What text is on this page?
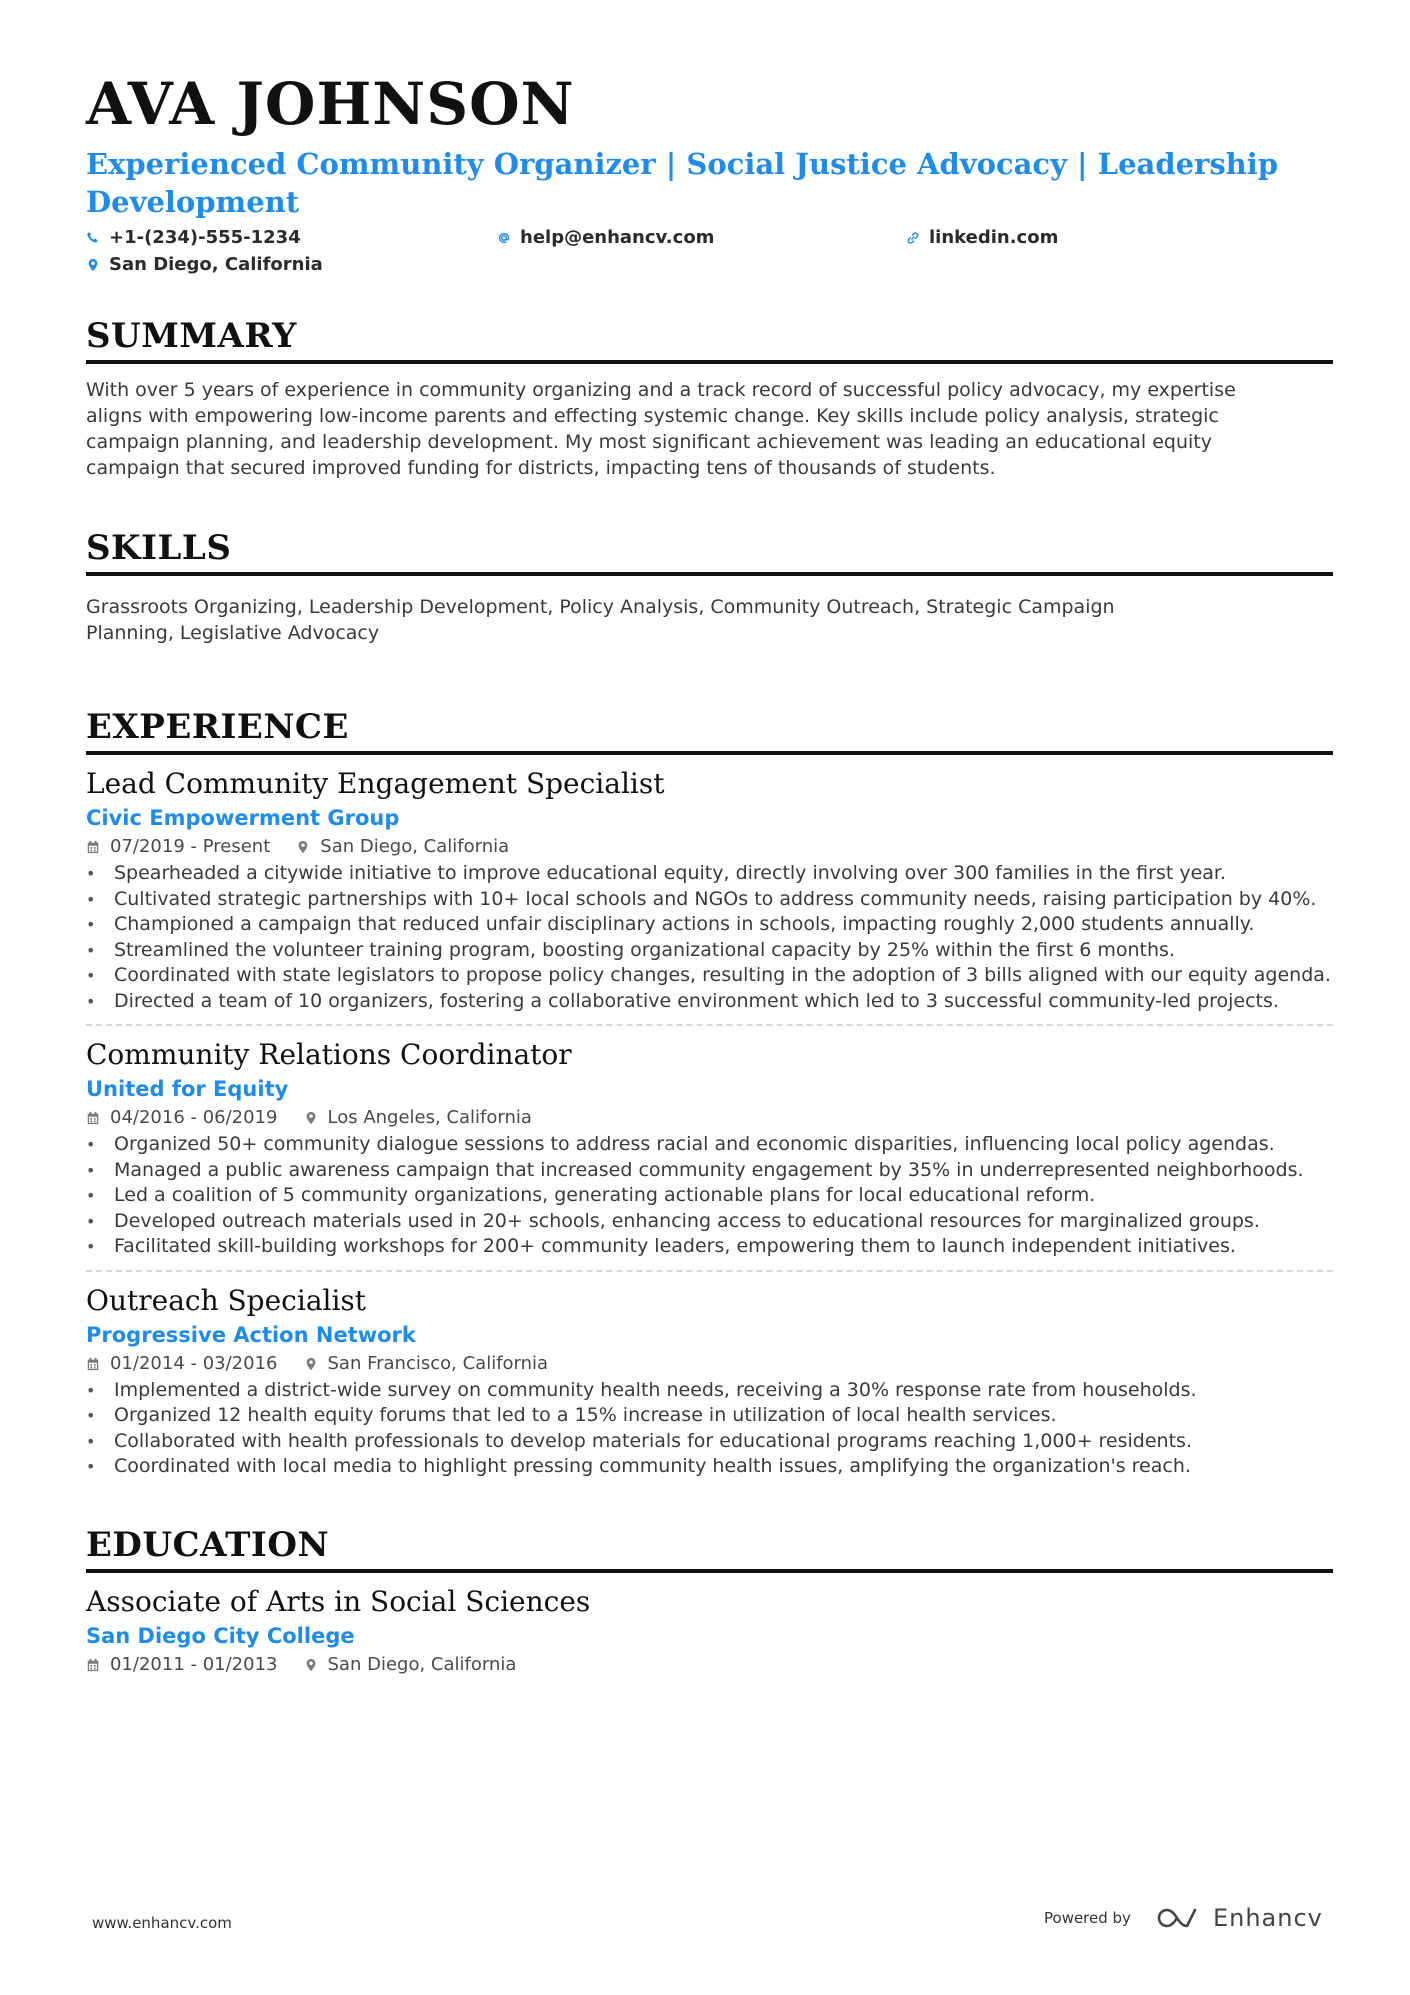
AVA JOHNSON
Experienced Community Organizer | Social Justice Advocacy | Leadership
Development
+1-(234)-555-1234	help@enhancv.com	linkedin.com
San Diego, California
SUMMARY
With over 5 years of experience in community organizing and a track record of successful policy advocacy, my expertise
aligns with empowering low-income parents and effecting systemic change. Key skills include policy analysis, strategic
campaign planning, and leadership development. My most significant achievement was leading an educational equity
campaign that secured improved funding for districts, impacting tens of thousands of students.
SKILLS
Grassroots Organizing, Leadership Development, Policy Analysis, Community Outreach, Strategic Campaign
Planning, Legislative Advocacy
EXPERIENCE
Lead Community Engagement Specialist
Civic Empowerment Group
07/2019 - Present	San Diego, California
• Spearheaded a citywide initiative to improve educational equity, directly involving over 300 families in the first year.
• Cultivated strategic partnerships with 10+ local schools and NGOs to address community needs, raising participation by 40%.
• Championed a campaign that reduced unfair disciplinary actions in schools, impacting roughly 2,000 students annually.
• Streamlined the volunteer training program, boosting organizational capacity by 25% within the first 6 months.
• Coordinated with state legislators to propose policy changes, resulting in the adoption of 3 bills aligned with our equity agenda.
• Directed a team of 10 organizers, fostering a collaborative environment which led to 3 successful community-led projects.
Community Relations Coordinator
United for Equity
04/2016 - 06/2019	Los Angeles, California
• Organized 50+ community dialogue sessions to address racial and economic disparities, influencing local policy agendas.
• Managed a public awareness campaign that increased community engagement by 35% in underrepresented neighborhoods.
• Led a coalition of 5 community organizations, generating actionable plans for local educational reform.
• Developed outreach materials used in 20+ schools, enhancing access to educational resources for marginalized groups.
• Facilitated skill-building workshops for 200+ community leaders, empowering them to launch independent initiatives.
Outreach Specialist
Progressive Action Network
01/2014 - 03/2016	San Francisco, California
• Implemented a district-wide survey on community health needs, receiving a 30% response rate from households.
• Organized 12 health equity forums that led to a 15% increase in utilization of local health services.
• Collaborated with health professionals to develop materials for educational programs reaching 1,000+ residents.
• Coordinated with local media to highlight pressing community health issues, amplifying the organization's reach.
EDUCATION
Associate of Arts in Social Sciences
San Diego City College
01/2011 - 01/2013	San Diego, California
www.enhancv.com	Powered by	Enhancv
